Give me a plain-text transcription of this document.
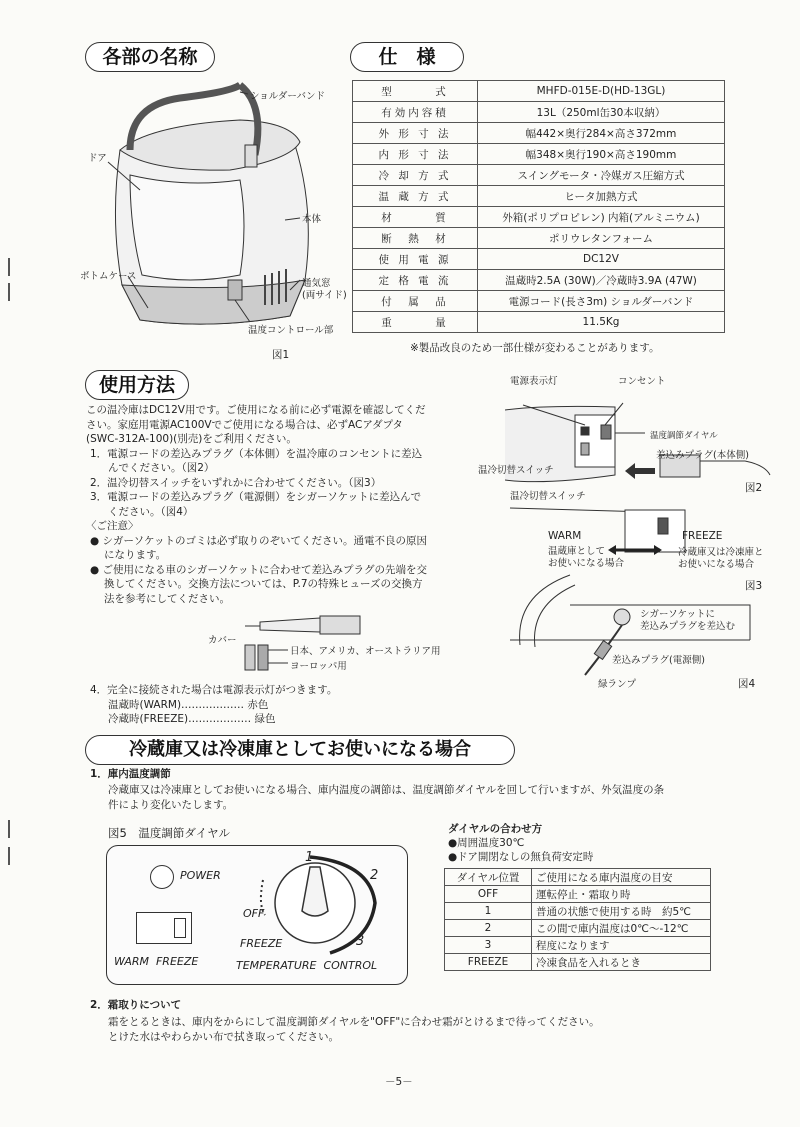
各部の名称	仕　様
使用方法
冷蔵庫又は冷凍庫としてお使いになる場合
ショルダーバンド
ドア
本体
ボトムケース
通気窓
(両サイド)
温度コントロール部
図1
型　　　式	MHFD-015E-D(HD-13GL)
有効内容積	13L（250ml缶30本収納）
外 形 寸 法	幅442×奥行284×高さ372mm
内 形 寸 法	幅348×奥行190×高さ190mm
冷 却 方 式	スイングモータ・冷媒ガス圧縮方式
温 蔵 方 式	ヒータ加熱方式
材　　　質	外箱(ポリプロピレン) 内箱(アルミニウム)
断　熱　材	ポリウレタンフォーム
使 用 電 源	DC12V
定 格 電 流	温蔵時2.5A (30W)／冷蔵時3.9A (47W)
付　属　品	電源コード(長さ3m) ショルダーバンド
重　　　量	11.5Kg
※製品改良のため一部仕様が変わることがあります。
この温冷庫はDC12V用です。ご使用になる前に必ず電源を確認してくだ
さい。家庭用電源AC100Vでご使用になる場合は、必ずACアダプタ
(SWC-312A-100)(別売)をご利用ください。
1．電源コードの差込みプラグ（本体側）を温冷庫のコンセントに差込
んでください。（図2）
2．温冷切替スイッチをいずれかに合わせてください。（図3）
3．電源コードの差込みプラグ（電源側）をシガーソケットに差込んで
ください。（図4）
〈ご注意〉
● シガーソケットのゴミは必ず取りのぞいてください。通電不良の原因
になります。
● ご使用になる車のシガーソケットに合わせて差込みプラグの先端を交
換してください。交換方法については、P.7の特殊ヒューズの交換方
法を参考にしてください。
カバー
日本、アメリカ、オーストラリア用
ヨーロッパ用
4．完全に接続された場合は電源表示灯がつきます。
温蔵時(WARM)……………… 赤色
冷蔵時(FREEZE)……………… 緑色
電源表示灯	コンセント
温度調節ダイヤル
差込みプラグ(本体側)
温冷切替スイッチ
図2
温冷切替スイッチ
WARM
温蔵庫として
お使いになる場合
FREEZE
冷蔵庫又は冷凍庫と
お使いになる場合
図3
シガーソケットに
差込みプラグを差込む
差込みプラグ(電源側)
緑ランプ	図4
1．庫内温度調節
冷蔵庫又は冷凍庫としてお使いになる場合、庫内温度の調節は、温度調節ダイヤルを回して行いますが、外気温度の条
件により変化いたします。
図5　温度調節ダイヤル
POWER
WARM  FREEZE
1
2
3
OFF
FREEZE
TEMPERATURE  CONTROL
ダイヤルの合わせ方
●周囲温度30℃
●ドア開閉なしの無負荷安定時
ダイヤル位置	ご使用になる庫内温度の目安
OFF	運転停止・霜取り時
1	普通の状態で使用する時　約5℃
2	この間で庫内温度は0℃〜-12℃
3	程度になります
FREEZE	冷凍食品を入れるとき
2．霜取りについて
霜をとるときは、庫内をからにして温度調節ダイヤルを"OFF"に合わせ霜がとけるまで待ってください。
とけた水はやわらかい布で拭き取ってください。
－5－
